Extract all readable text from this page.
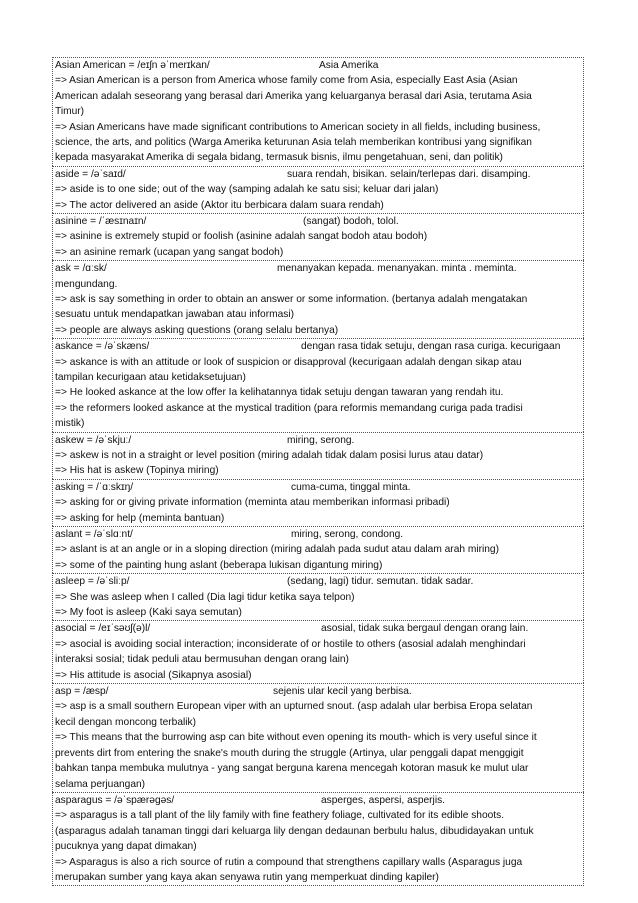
Asian American = /eɪʃn əˈmerɪkan/	Asia Amerika
=> Asian American is a person from America whose family come from Asia, especially East Asia (Asian
American adalah seseorang yang berasal dari Amerika yang keluarganya berasal dari Asia, terutama Asia
Timur)
=> Asian Americans have made significant contributions to American society in all fields, including business,
science, the arts, and politics (Warga Amerika keturunan Asia telah memberikan kontribusi yang signifikan
kepada masyarakat Amerika di segala bidang, termasuk bisnis, ilmu pengetahuan, seni, dan politik)
aside = /əˈsaɪd/	suara rendah, bisikan. selain/terlepas dari. disamping.
=> aside is to one side; out of the way (samping adalah ke satu sisi; keluar dari jalan)
=> The actor delivered an aside (Aktor itu berbicara dalam suara rendah)
asinine = /ˈæsɪnaɪn/	(sangat) bodoh, tolol.
=> asinine is extremely stupid or foolish (asinine adalah sangat bodoh atau bodoh)
=> an asinine remark (ucapan yang sangat bodoh)
ask = /ɑːsk/	menanyakan kepada. menanyakan. minta . meminta.
mengundang.
=> ask is say something in order to obtain an answer or some information. (bertanya adalah mengatakan
sesuatu untuk mendapatkan jawaban atau informasi)
=> people are always asking questions (orang selalu bertanya)
askance = /əˈskæns/	dengan rasa tidak setuju, dengan rasa curiga. kecurigaan
=> askance is with an attitude or look of suspicion or disapproval (kecurigaan adalah dengan sikap atau
tampilan kecurigaan atau ketidaksetujuan)
=> He looked askance at the low offer Ia kelihatannya tidak setuju dengan tawaran yang rendah itu.
=> the reformers looked askance at the mystical tradition (para reformis memandang curiga pada tradisi
mistik)
askew = /əˈskjuː/	miring, serong.
=> askew is not in a straight or level position (miring adalah tidak dalam posisi lurus atau datar)
=> His hat is askew (Topinya miring)
asking = /ˈɑːskɪŋ/	cuma-cuma, tinggal minta.
=> asking for or giving private information (meminta atau memberikan informasi pribadi)
=> asking for help (meminta bantuan)
aslant = /əˈslɑːnt/	miring, serong, condong.
=> aslant is at an angle or in a sloping direction (miring adalah pada sudut atau dalam arah miring)
=> some of the painting hung aslant (beberapa lukisan digantung miring)
asleep = /əˈsliːp/	(sedang, lagi) tidur. semutan. tidak sadar.
=> She was asleep when I called (Dia lagi tidur ketika saya telpon)
=> My foot is asleep (Kaki saya semutan)
asocial = /eɪˈsəʊʃ(ə)l/	asosial, tidak suka bergaul dengan orang lain.
=> asocial is avoiding social interaction; inconsiderate of or hostile to others (asosial adalah menghindari
interaksi sosial; tidak peduli atau bermusuhan dengan orang lain)
=> His attitude is asocial (Sikapnya asosial)
asp = /æsp/	sejenis ular kecil yang berbisa.
=> asp is a small southern European viper with an upturned snout. (asp adalah ular berbisa Eropa selatan
kecil dengan moncong terbalik)
=> This means that the burrowing asp can bite without even opening its mouth- which is very useful since it
prevents dirt from entering the snake's mouth during the struggle (Artinya, ular penggali dapat menggigit
bahkan tanpa membuka mulutnya - yang sangat berguna karena mencegah kotoran masuk ke mulut ular
selama perjuangan)
asparagus = /əˈspærəgəs/	asperges, aspersi, asperjis.
=> asparagus is a tall plant of the lily family with fine feathery foliage, cultivated for its edible shoots.
(asparagus adalah tanaman tinggi dari keluarga lily dengan dedaunan berbulu halus, dibudidayakan untuk
pucuknya yang dapat dimakan)
=> Asparagus is also a rich source of rutin a compound that strengthens capillary walls (Asparagus juga
merupakan sumber yang kaya akan senyawa rutin yang memperkuat dinding kapiler)
